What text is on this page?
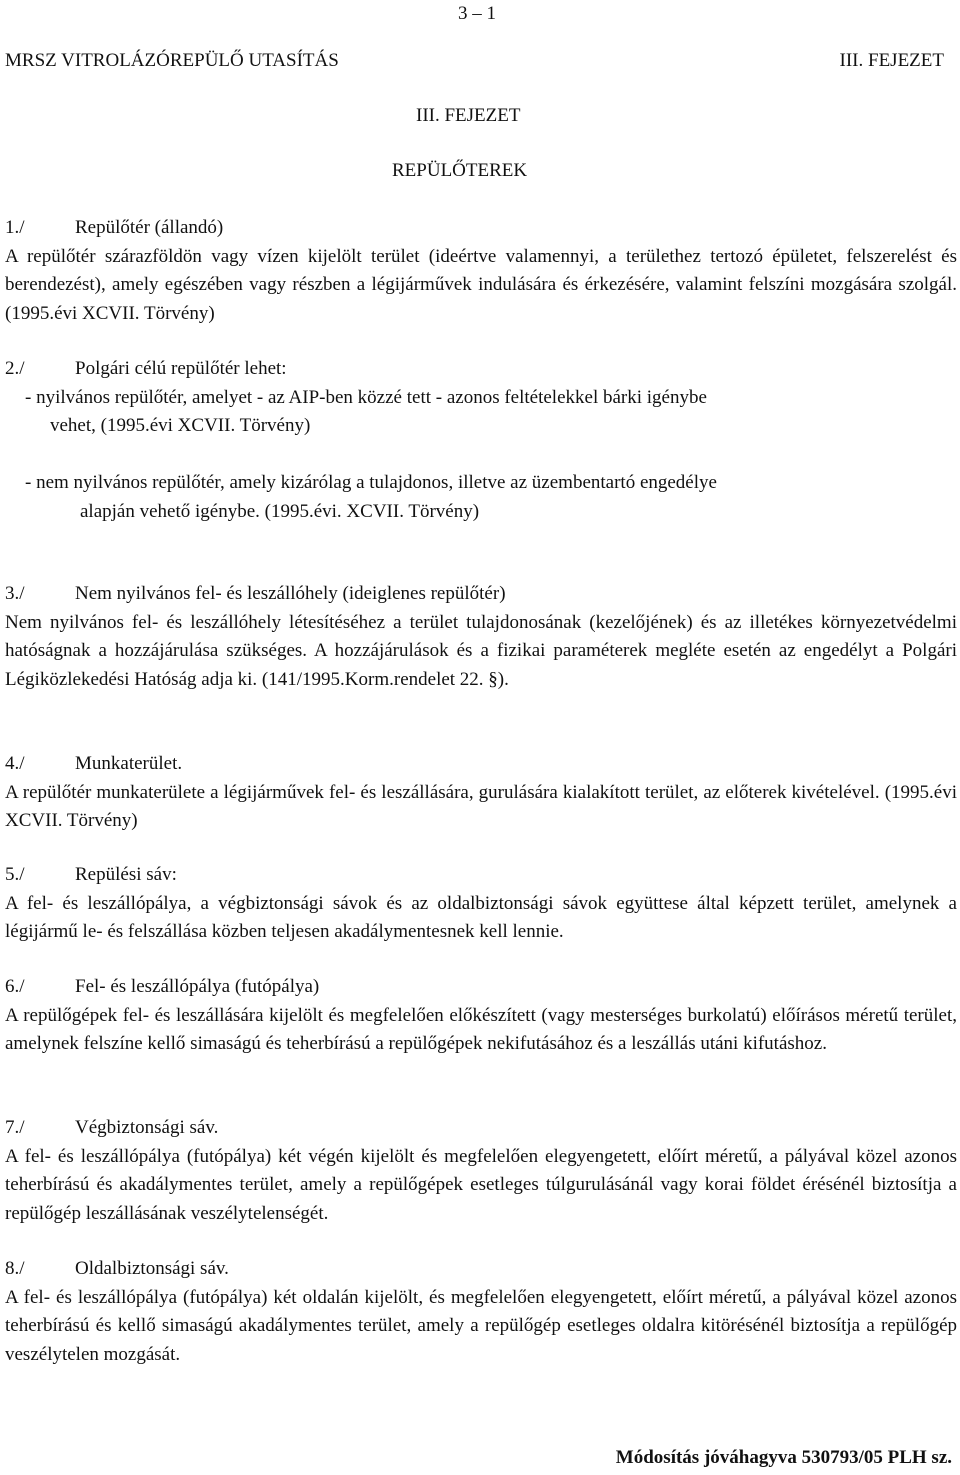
3 – 1
MRSZ VITROLÁZÓREPÜLŐ UTASÍTÁS	III. FEJEZET
III. FEJEZET
REPÜLŐTEREK
1./	Repülőtér (állandó)
A repülőtér szárazföldön vagy vízen kijelölt terület (ideértve valamennyi, a területhez tertozó épületet, felszerelést és berendezést), amely egészében vagy részben a légijárművek indulására és érkezésére, valamint felszíni mozgására szolgál. (1995.évi XCVII. Törvény)
2./	Polgári célú repülőtér lehet:
- nyilvános repülőtér, amelyet - az AIP-ben közzé tett - azonos feltételekkel bárki igénybe
vehet, (1995.évi XCVII. Törvény)
- nem nyilvános repülőtér, amely kizárólag a tulajdonos, illetve az üzembentartó engedélye
alapján vehető igénybe. (1995.évi. XCVII. Törvény)
3./	Nem nyilvános fel- és leszállóhely (ideiglenes repülőtér)
Nem nyilvános fel- és leszállóhely létesítéséhez a terület tulajdonosának (kezelőjének) és az illetékes környezetvédelmi hatóságnak a hozzájárulása szükséges. A hozzájárulások és a fizikai paraméterek megléte esetén az engedélyt a Polgári Légiközlekedési Hatóság adja ki. (141/1995.Korm.rendelet 22. §).
4./	Munkaterület.
A repülőtér munkaterülete a légijárművek fel- és leszállására, gurulására kialakított terület, az előterek kivételével. (1995.évi XCVII. Törvény)
5./	Repülési sáv:
A fel- és leszállópálya, a végbiztonsági sávok és az oldalbiztonsági sávok együttese által képzett terület, amelynek a légijármű le- és felszállása közben teljesen akadálymentesnek kell lennie.
6./	Fel- és leszállópálya (futópálya)
A repülőgépek fel- és leszállására kijelölt és megfelelően előkészített (vagy mesterséges burkolatú) előírásos méretű terület, amelynek felszíne kellő simaságú és teherbírású a repülőgépek nekifutásához és a leszállás utáni kifutáshoz.
7./	Végbiztonsági sáv.
A fel- és leszállópálya (futópálya) két végén kijelölt és megfelelően elegyengetett, előírt méretű, a pályával közel azonos teherbírású és akadálymentes terület, amely a repülőgépek esetleges túlgurulásánál vagy korai földet érésénél biztosítja a repülőgép leszállásának veszélytelenségét.
8./	Oldalbiztonsági sáv.
A fel- és leszállópálya (futópálya) két oldalán kijelölt, és megfelelően elegyengetett, előírt méretű, a pályával közel azonos teherbírású és kellő simaságú akadálymentes terület, amely a repülőgép esetleges oldalra kitörésénél biztosítja a repülőgép veszélytelen mozgását.
Módosítás jóváhagyva 530793/05 PLH sz.
